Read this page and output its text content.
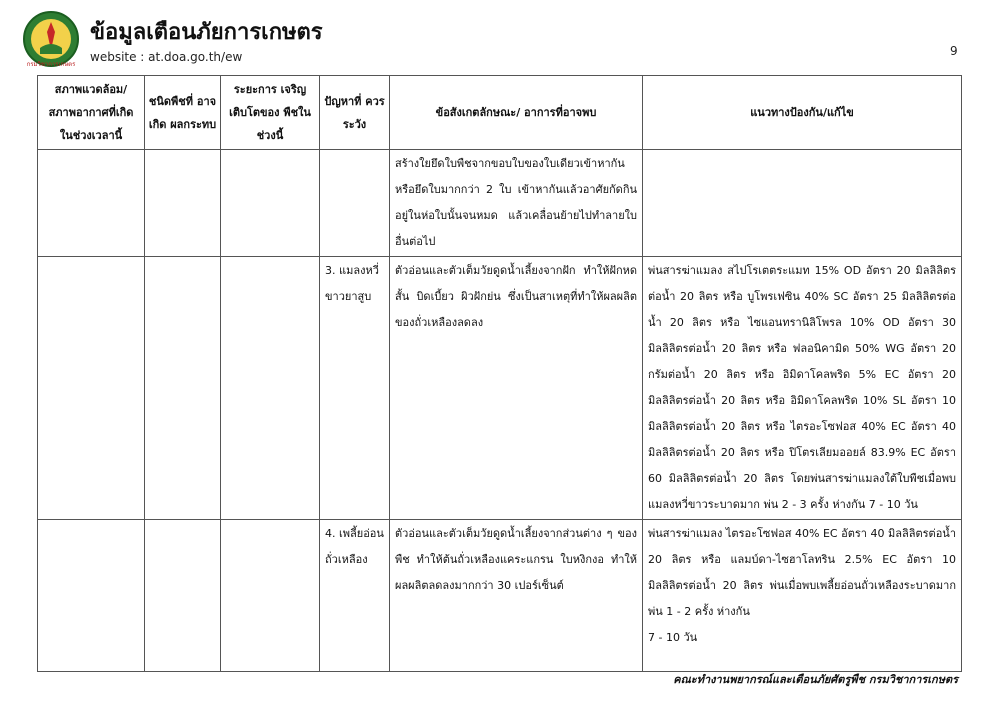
กรมวิชาการเกษตร
ข้อมูลเตือนภัยการเกษตร
website : at.doa.go.th/ew	9
สภาพแวดล้อม/ สภาพอากาศที่เกิด ในช่วงเวลานี้	ชนิดพืชที่ อาจเกิด ผลกระทบ	ระยะการ เจริญเติบโตของ พืชในช่วงนี้	ปัญหาที่ ควรระวัง	ข้อสังเกตลักษณะ/ อาการที่อาจพบ	แนวทางป้องกัน/แก้ไข
				สร้างใยยึดใบพืชจากขอบใบของใบเดียวเข้าหากัน หรือยึดใบมากกว่า 2 ใบ เข้าหากันแล้วอาศัยกัดกินอยู่ในห่อใบนั้นจนหมด แล้วเคลื่อนย้ายไปทำลายใบอื่นต่อไป	
			3. แมลงหวี่ขาวยาสูบ	ตัวอ่อนและตัวเต็มวัยดูดน้ำเลี้ยงจากฝัก ทำให้ฝักหดสั้น บิดเบี้ยว ผิวฝักย่น ซึ่งเป็นสาเหตุที่ทำให้ผลผลิตของถั่วเหลืองลดลง	พ่นสารฆ่าแมลง สไปโรเตตระแมท 15% OD อัตรา 20 มิลลิลิตรต่อน้ำ 20 ลิตร หรือ บูโพรเฟซิน 40% SC อัตรา 25 มิลลิลิตรต่อน้ำ 20 ลิตร หรือ ไซแอนทรานิลิโพรล 10% OD อัตรา 30 มิลลิลิตรต่อน้ำ 20 ลิตร หรือ ฟลอนิคามิด 50% WG อัตรา 20 กรัมต่อน้ำ 20 ลิตร หรือ อิมิดาโคลพริด 5% EC อัตรา 20 มิลลิลิตรต่อน้ำ 20 ลิตร หรือ อิมิดาโคลพริด 10% SL อัตรา 10 มิลลิลิตรต่อน้ำ 20 ลิตร หรือ ไตรอะโซฟอส 40% EC อัตรา 40 มิลลิลิตรต่อน้ำ 20 ลิตร หรือ ปิโตรเลียมออยล์ 83.9% EC อัตรา 60 มิลลิลิตรต่อน้ำ 20 ลิตร โดยพ่นสารฆ่าแมลงใต้ใบพืชเมื่อพบแมลงหวี่ขาวระบาดมาก พ่น 2 - 3 ครั้ง ห่างกัน 7 - 10 วัน
			4. เพลี้ยอ่อนถั่วเหลือง	ตัวอ่อนและตัวเต็มวัยดูดน้ำเลี้ยงจากส่วนต่าง ๆ ของพืช ทำให้ต้นถั่วเหลืองแคระแกรน ใบหงิกงอ ทำให้ผลผลิตลดลงมากกว่า 30 เปอร์เซ็นต์	พ่นสารฆ่าแมลง ไตรอะโซฟอส 40% EC อัตรา 40 มิลลิลิตรต่อน้ำ 20 ลิตร หรือ แลมบ์ดา-ไซฮาโลทริน 2.5% EC อัตรา 10 มิลลิลิตรต่อน้ำ 20 ลิตร พ่นเมื่อพบเพลี้ยอ่อนถั่วเหลืองระบาดมาก พ่น 1 - 2 ครั้ง ห่างกัน
7 - 10 วัน
คณะทำงานพยากรณ์และเตือนภัยศัตรูพืช กรมวิชาการเกษตร
